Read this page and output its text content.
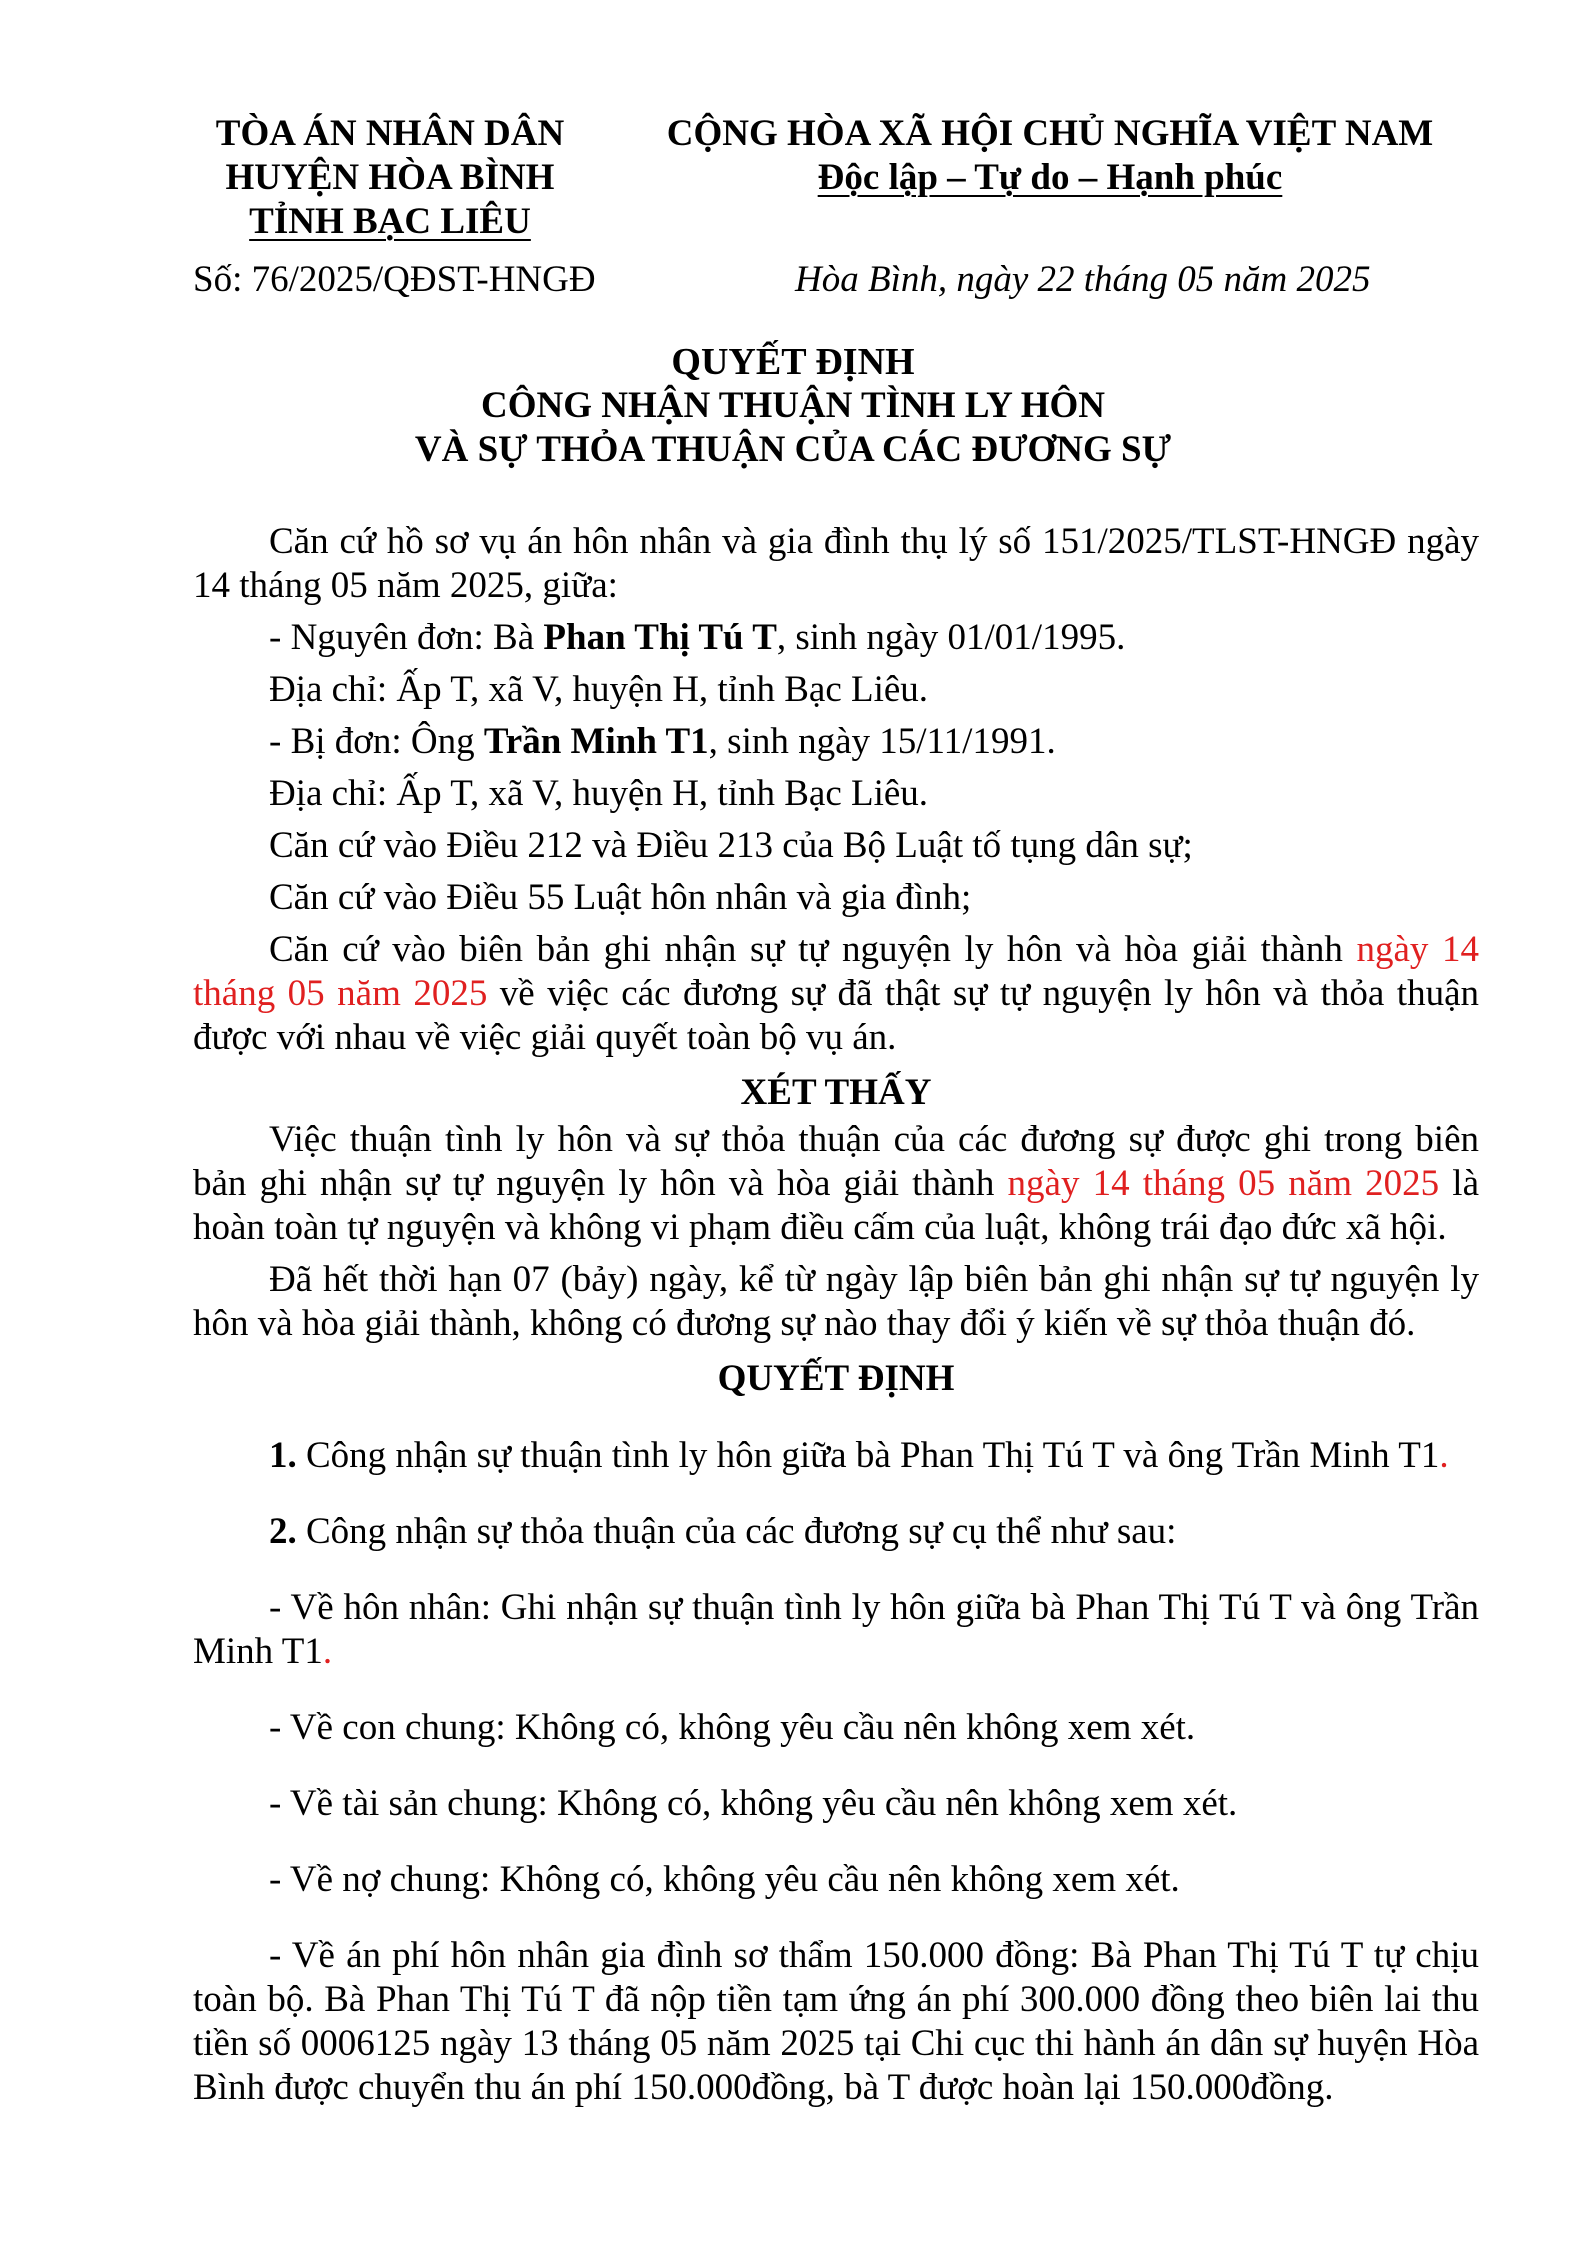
TÒA ÁN NHÂN DÂN
HUYỆN HÒA BÌNH
TỈNH BẠC LIÊU
CỘNG HÒA XÃ HỘI CHỦ NGHĨA VIỆT NAM
Độc lập – Tự do – Hạnh phúc
Số: 76/2025/QĐST-HNGĐ	Hòa Bình, ngày 22 tháng 05 năm 2025
QUYẾT ĐỊNH
CÔNG NHẬN THUẬN TÌNH LY HÔN
VÀ SỰ THỎA THUẬN CỦA CÁC ĐƯƠNG SỰ

Căn cứ hồ sơ vụ án hôn nhân và gia đình thụ lý số 151/2025/TLST-HNGĐ ngày 14 tháng 05 năm 2025, giữa:

- Nguyên đơn: Bà Phan Thị Tú T, sinh ngày 01/01/1995.

Địa chỉ: Ấp T, xã V, huyện H, tỉnh Bạc Liêu.

- Bị đơn: Ông Trần Minh T1, sinh ngày 15/11/1991.

Địa chỉ: Ấp T, xã V, huyện H, tỉnh Bạc Liêu.

Căn cứ vào Điều 212 và Điều 213 của Bộ Luật tố tụng dân sự;

Căn cứ vào Điều 55 Luật hôn nhân và gia đình;

Căn cứ vào biên bản ghi nhận sự tự nguyện ly hôn và hòa giải thành ngày 14 tháng 05 năm 2025 về việc các đương sự đã thật sự tự nguyện ly hôn và thỏa thuận được với nhau về việc giải quyết toàn bộ vụ án.

XÉT THẤY

Việc thuận tình ly hôn và sự thỏa thuận của các đương sự được ghi trong biên bản ghi nhận sự tự nguyện ly hôn và hòa giải thành ngày 14 tháng 05 năm 2025 là hoàn toàn tự nguyện và không vi phạm điều cấm của luật, không trái đạo đức xã hội.

Đã hết thời hạn 07 (bảy) ngày, kể từ ngày lập biên bản ghi nhận sự tự nguyện ly hôn và hòa giải thành, không có đương sự nào thay đổi ý kiến về sự thỏa thuận đó.

QUYẾT ĐỊNH

1. Công nhận sự thuận tình ly hôn giữa bà Phan Thị Tú T và ông Trần Minh T1.

2. Công nhận sự thỏa thuận của các đương sự cụ thể như sau:

- Về hôn nhân: Ghi nhận sự thuận tình ly hôn giữa bà Phan Thị Tú T và ông Trần Minh T1.

- Về con chung: Không có, không yêu cầu nên không xem xét.

- Về tài sản chung: Không có, không yêu cầu nên không xem xét.

- Về nợ chung: Không có, không yêu cầu nên không xem xét.

- Về án phí hôn nhân gia đình sơ thẩm 150.000 đồng: Bà Phan Thị Tú T tự chịu toàn bộ. Bà Phan Thị Tú T đã nộp tiền tạm ứng án phí 300.000 đồng theo biên lai thu tiền số 0006125 ngày 13 tháng 05 năm 2025 tại Chi cục thi hành án dân sự huyện Hòa Bình được chuyển thu án phí 150.000đồng, bà T được hoàn lại 150.000đồng.
